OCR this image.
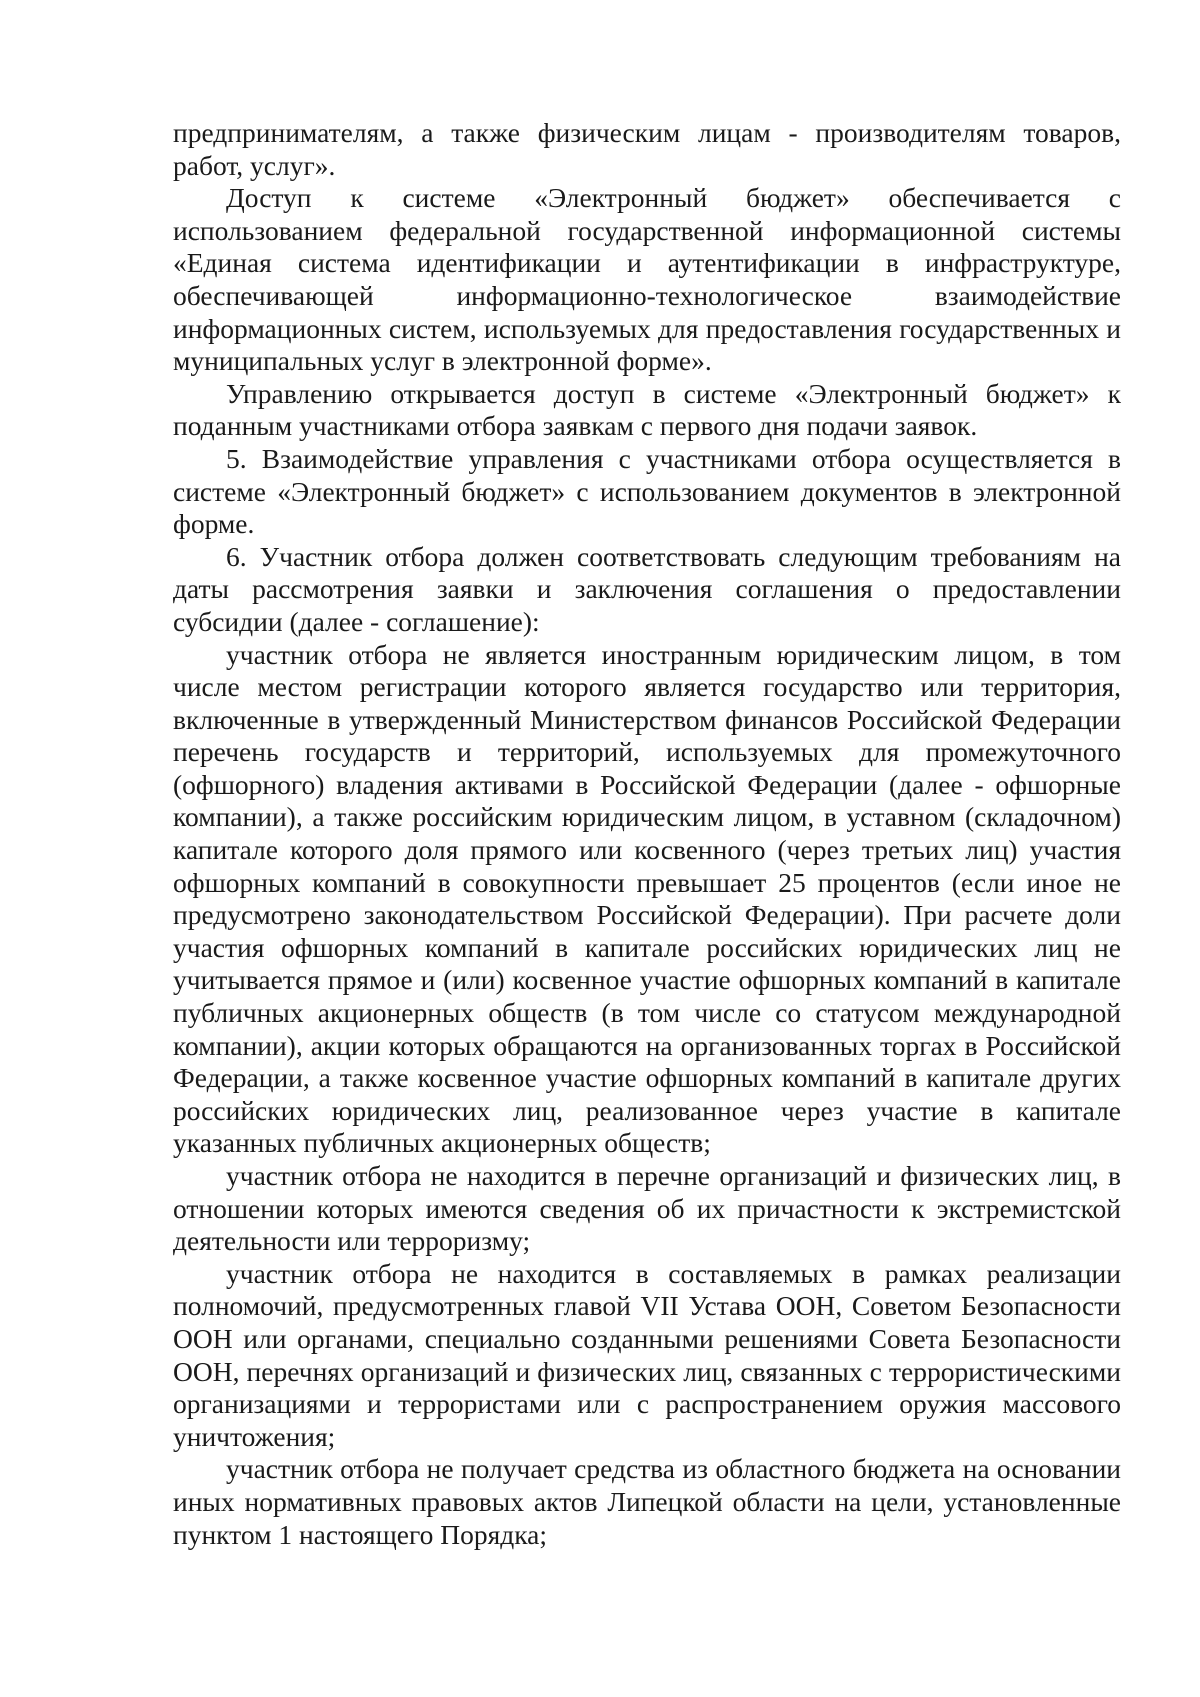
предпринимателям, а также физическим лицам - производителям товаров, работ, услуг».

Доступ к системе «Электронный бюджет» обеспечивается с использованием федеральной государственной информационной системы «Единая система идентификации и аутентификации в инфраструктуре, обеспечивающей информационно-технологическое взаимодействие информационных систем, используемых для предоставления государственных и муниципальных услуг в электронной форме».

Управлению открывается доступ в системе «Электронный бюджет» к поданным участниками отбора заявкам с первого дня подачи заявок.

5. Взаимодействие управления с участниками отбора осуществляется в системе «Электронный бюджет» с использованием документов в электронной форме.

6. Участник отбора должен соответствовать следующим требованиям на даты рассмотрения заявки и заключения соглашения о предоставлении субсидии (далее - соглашение):

участник отбора не является иностранным юридическим лицом, в том числе местом регистрации которого является государство или территория, включенные в утвержденный Министерством финансов Российской Федерации перечень государств и территорий, используемых для промежуточного (офшорного) владения активами в Российской Федерации (далее - офшорные компании), а также российским юридическим лицом, в уставном (складочном) капитале которого доля прямого или косвенного (через третьих лиц) участия офшорных компаний в совокупности превышает 25 процентов (если иное не предусмотрено законодательством Российской Федерации). При расчете доли участия офшорных компаний в капитале российских юридических лиц не учитывается прямое и (или) косвенное участие офшорных компаний в капитале публичных акционерных обществ (в том числе со статусом международной компании), акции которых обращаются на организованных торгах в Российской Федерации, а также косвенное участие офшорных компаний в капитале других российских юридических лиц, реализованное через участие в капитале указанных публичных акционерных обществ;

участник отбора не находится в перечне организаций и физических лиц, в отношении которых имеются сведения об их причастности к экстремистской деятельности или терроризму;

участник отбора не находится в составляемых в рамках реализации полномочий, предусмотренных главой VII Устава ООН, Советом Безопасности ООН или органами, специально созданными решениями Совета Безопасности ООН, перечнях организаций и физических лиц, связанных с террористическими организациями и террористами или с распространением оружия массового уничтожения;

участник отбора не получает средства из областного бюджета на основании иных нормативных правовых актов Липецкой области на цели, установленные пунктом 1 настоящего Порядка;
